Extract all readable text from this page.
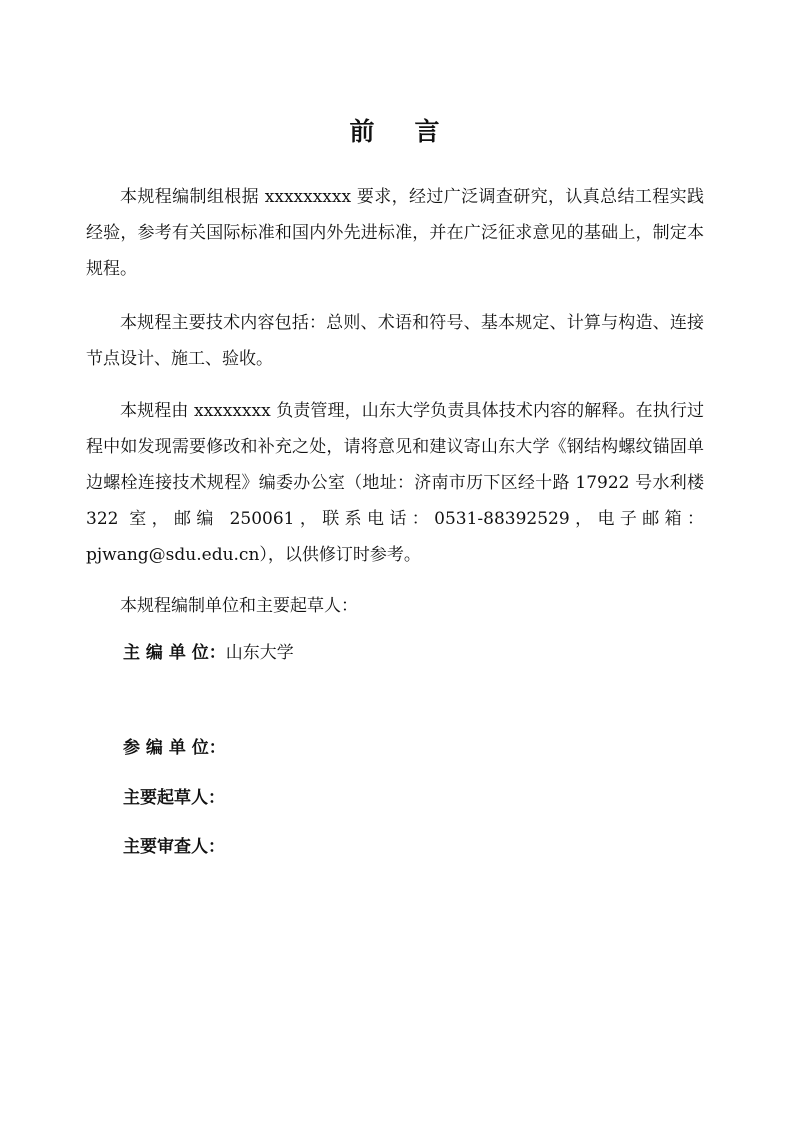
前言

本规程编制组根据 xxxxxxxxx 要求，经过广泛调查研究，认真总结工程实践经验，参考有关国际标准和国内外先进标准，并在广泛征求意见的基础上，制定本规程。

本规程主要技术内容包括：总则、术语和符号、基本规定、计算与构造、连接节点设计、施工、验收。

本规程由 xxxxxxxx 负责管理，山东大学负责具体技术内容的解释。在执行过程中如发现需要修改和补充之处，请将意见和建议寄山东大学《钢结构螺纹锚固单边螺栓连接技术规程》编委办公室（地址：济南市历下区经十路 17922 号水利楼 322 室，邮编 250061，联系电话：0531-88392529，电子邮箱：pjwang@sdu.edu.cn），以供修订时参考。

本规程编制单位和主要起草人：

主 编 单 位：山东大学
参 编 单 位：
主要起草人：
主要审查人：
